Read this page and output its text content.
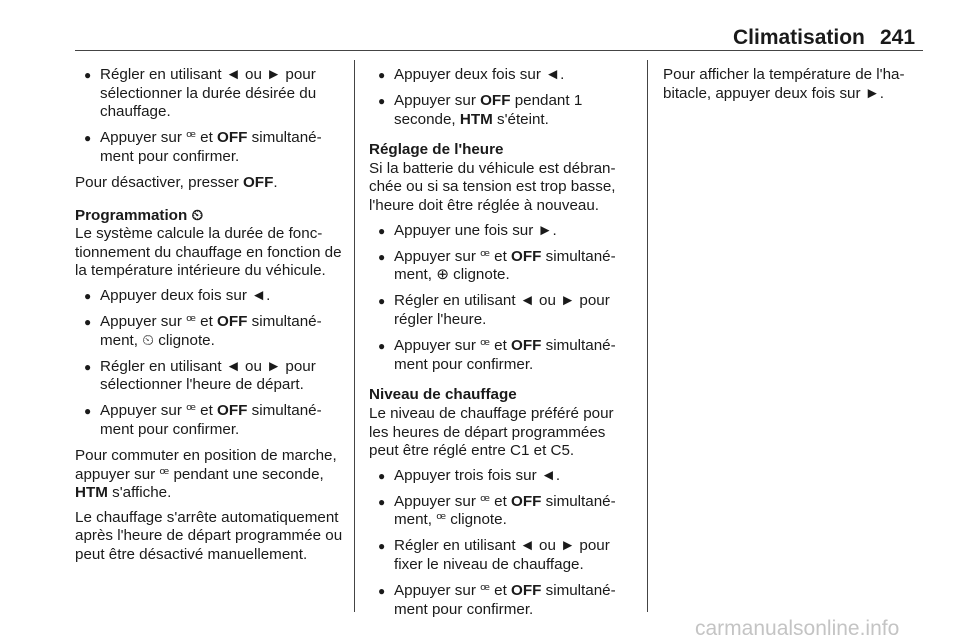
Climatisation 241
● Régler en utilisant ◄ ou ► pour sélectionner la durée désirée du chauffage.
● Appuyer sur ꟹ et OFF simultanément pour confirmer.

Pour désactiver, presser OFF.

Programmation ⏲

Le système calcule la durée de fonctionnement du chauffage en fonction de la température intérieure du véhicule.

● Appuyer deux fois sur ◄.
● Appuyer sur ꟹ et OFF simultanément, ⏲ clignote.
● Régler en utilisant ◄ ou ► pour sélectionner l'heure de départ.
● Appuyer sur ꟹ et OFF simultanément pour confirmer.

Pour commuter en position de marche, appuyer sur ꟹ pendant une seconde, HTM s'affiche.

Le chauffage s'arrête automatiquement après l'heure de départ programmée ou peut être désactivé manuellement.

● Appuyer deux fois sur ◄.
● Appuyer sur OFF pendant 1 seconde, HTM s'éteint.
Réglage de l'heure

Si la batterie du véhicule est débranchée ou si sa tension est trop basse, l'heure doit être réglée à nouveau.

● Appuyer une fois sur ►.
● Appuyer sur ꟹ et OFF simultanément, ⊕ clignote.
● Régler en utilisant ◄ ou ► pour régler l'heure.
● Appuyer sur ꟹ et OFF simultanément pour confirmer.
Niveau de chauffage

Le niveau de chauffage préféré pour les heures de départ programmées peut être réglé entre C1 et C5.

● Appuyer trois fois sur ◄.
● Appuyer sur ꟹ et OFF simultanément, ꟹ clignote.
● Régler en utilisant ◄ ou ► pour fixer le niveau de chauffage.
● Appuyer sur ꟹ et OFF simultanément pour confirmer.

Pour afficher la température de l'habitacle, appuyer deux fois sur ►.

carmanualsonline.info
